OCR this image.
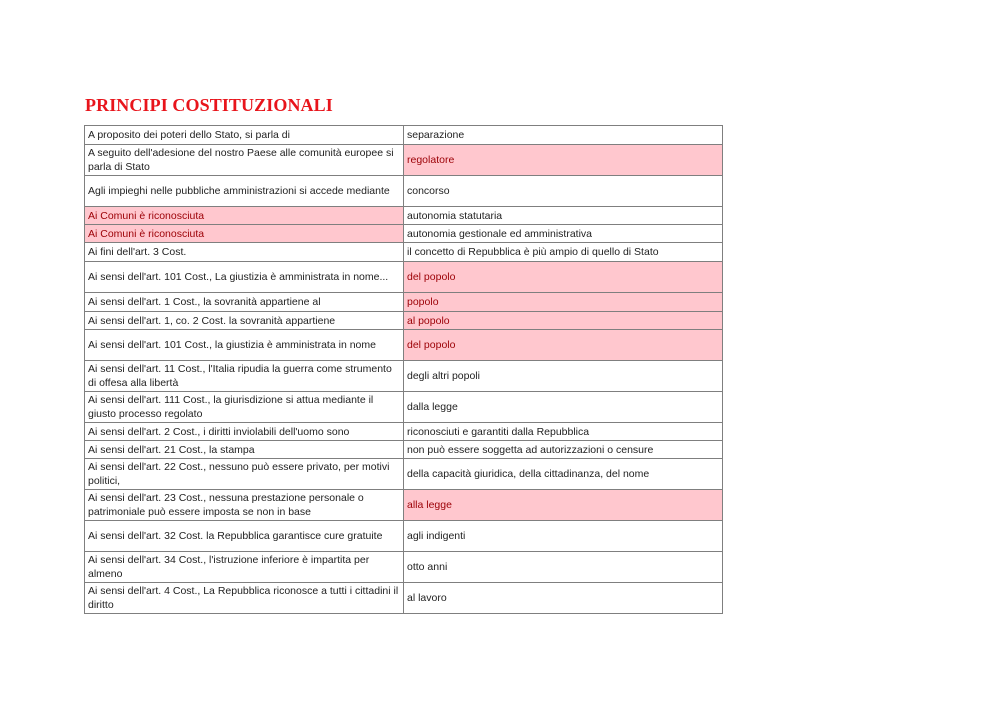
PRINCIPI COSTITUZIONALI
A proposito dei poteri dello Stato, si parla di	separazione
A seguito dell'adesione del nostro Paese alle comunità europee si parla di Stato	regolatore
Agli impieghi nelle pubbliche amministrazioni si accede mediante	concorso
Ai Comuni è riconosciuta	autonomia statutaria
Ai Comuni è riconosciuta	autonomia gestionale ed amministrativa
Ai fini dell'art. 3 Cost.	il concetto di Repubblica è più ampio di quello di Stato
Ai sensi dell'art. 101 Cost., La giustizia è amministrata in nome...	del popolo
Ai sensi dell'art. 1 Cost., la sovranità appartiene al	popolo
Ai sensi dell'art. 1, co. 2 Cost. la sovranità appartiene	al popolo
Ai sensi dell'art. 101 Cost., la giustizia è amministrata in nome	del popolo
Ai sensi dell'art. 11 Cost., l'Italia ripudia la guerra come strumento di offesa alla libertà	degli altri popoli
Ai sensi dell'art. 111 Cost., la giurisdizione si attua mediante il giusto processo regolato	dalla legge
Ai sensi dell'art. 2 Cost., i diritti inviolabili dell'uomo sono	riconosciuti e garantiti dalla Repubblica
Ai sensi dell'art. 21 Cost., la stampa	non può essere soggetta ad autorizzazioni o censure
Ai sensi dell'art. 22 Cost., nessuno può essere privato, per motivi politici,	della capacità giuridica, della cittadinanza, del nome
Ai sensi dell'art. 23 Cost., nessuna prestazione personale o patrimoniale può essere imposta se non in base	alla legge
Ai sensi dell'art. 32 Cost. la Repubblica garantisce cure gratuite	agli indigenti
Ai sensi dell'art. 34 Cost., l'istruzione inferiore è impartita per almeno	otto anni
Ai sensi dell'art. 4 Cost., La Repubblica riconosce a tutti i cittadini il diritto	al lavoro
